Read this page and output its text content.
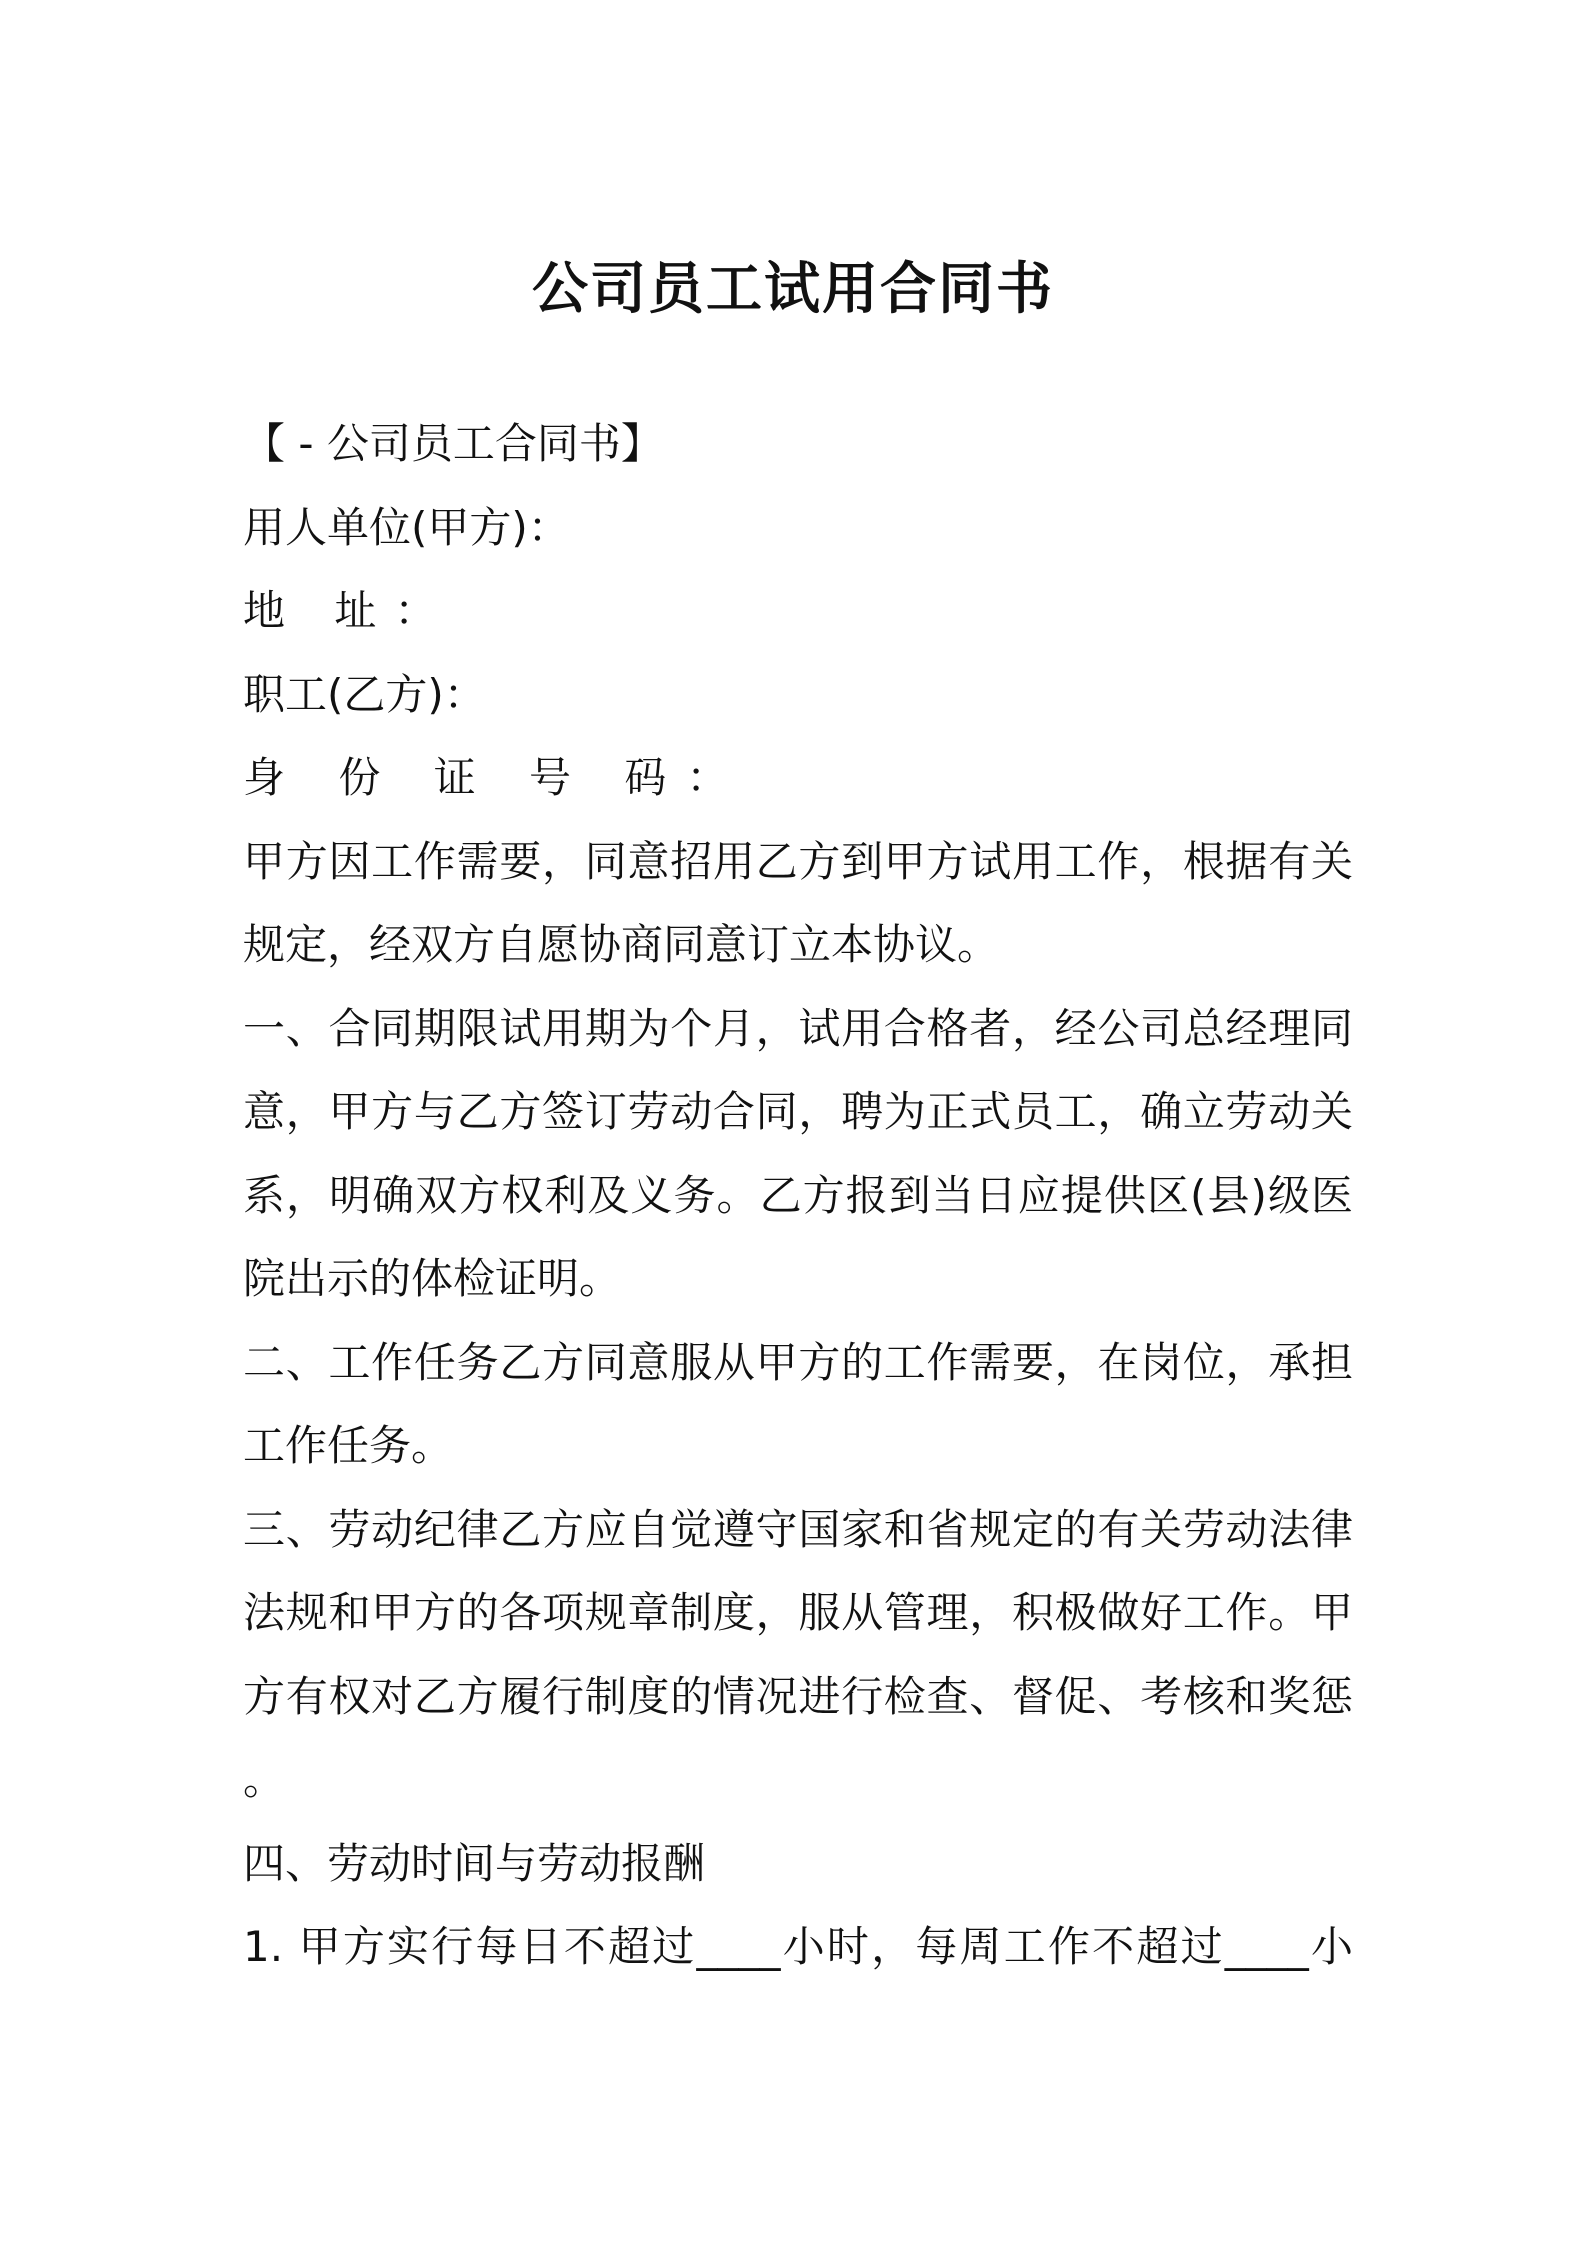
公司员工试用合同书
【 - 公司员工合同书】
用人单位(甲方)：
地 址：
职工(乙方)：
身 份 证 号 码：
甲方因工作需要，同意招用乙方到甲方试用工作，根据有关
规定，经双方自愿协商同意订立本协议。
一、合同期限试用期为个月，试用合格者，经公司总经理同
意，甲方与乙方签订劳动合同，聘为正式员工，确立劳动关
系，明确双方权利及义务。乙方报到当日应提供区(县)级医
院出示的体检证明。
二、工作任务乙方同意服从甲方的工作需要，在岗位，承担
工作任务。
三、劳动纪律乙方应自觉遵守国家和省规定的有关劳动法律
法规和甲方的各项规章制度，服从管理，积极做好工作。甲
方有权对乙方履行制度的情况进行检查、督促、考核和奖惩
。
四、劳动时间与劳动报酬
1. 甲方实行每日不超过____小时，每周工作不超过____小
